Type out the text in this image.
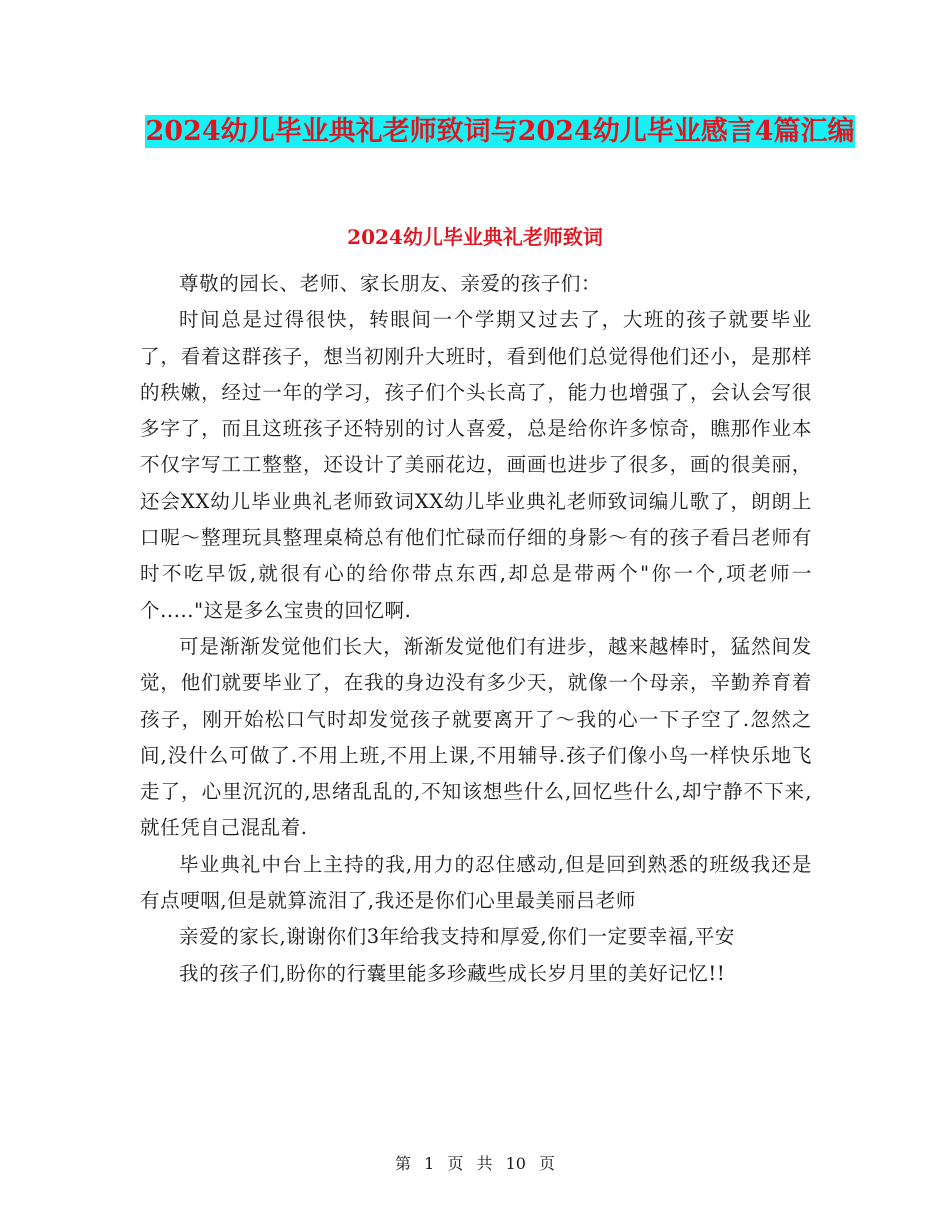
2024幼儿毕业典礼老师致词与2024幼儿毕业感言4篇汇编
2024幼儿毕业典礼老师致词

尊敬的园长、老师、家长朋友、亲爱的孩子们：

时间总是过得很快，转眼间一个学期又过去了，大班的孩子就要毕业了，看着这群孩子，想当初刚升大班时，看到他们总觉得他们还小，是那样的秩嫩，经过一年的学习，孩子们个头长高了，能力也增强了，会认会写很多字了，而且这班孩子还特别的讨人喜爱，总是给你许多惊奇，瞧那作业本不仅字写工工整整，还设计了美丽花边，画画也进步了很多，画的很美丽，还会XX幼儿毕业典礼老师致词XX幼儿毕业典礼老师致词编儿歌了，朗朗上口呢～整理玩具整理桌椅总有他们忙碌而仔细的身影～有的孩子看吕老师有时不吃早饭,就很有心的给你带点东西,却总是带两个"你一个,项老师一个....."这是多么宝贵的回忆啊.

可是渐渐发觉他们长大，渐渐发觉他们有进步，越来越棒时，猛然间发觉，他们就要毕业了，在我的身边没有多少天，就像一个母亲，辛勤养育着孩子，刚开始松口气时却发觉孩子就要离开了～我的心一下子空了.忽然之间,没什么可做了.不用上班,不用上课,不用辅导.孩子们像小鸟一样快乐地飞走了，心里沉沉的,思绪乱乱的,不知该想些什么,回忆些什么,却宁静不下来,就任凭自己混乱着.

毕业典礼中台上主持的我,用力的忍住感动,但是回到熟悉的班级我还是有点哽咽,但是就算流泪了,我还是你们心里最美丽吕老师

亲爱的家长,谢谢你们3年给我支持和厚爱,你们一定要幸福,平安

我的孩子们,盼你的行囊里能多珍藏些成长岁月里的美好记忆!!

第 1 页 共 10 页
